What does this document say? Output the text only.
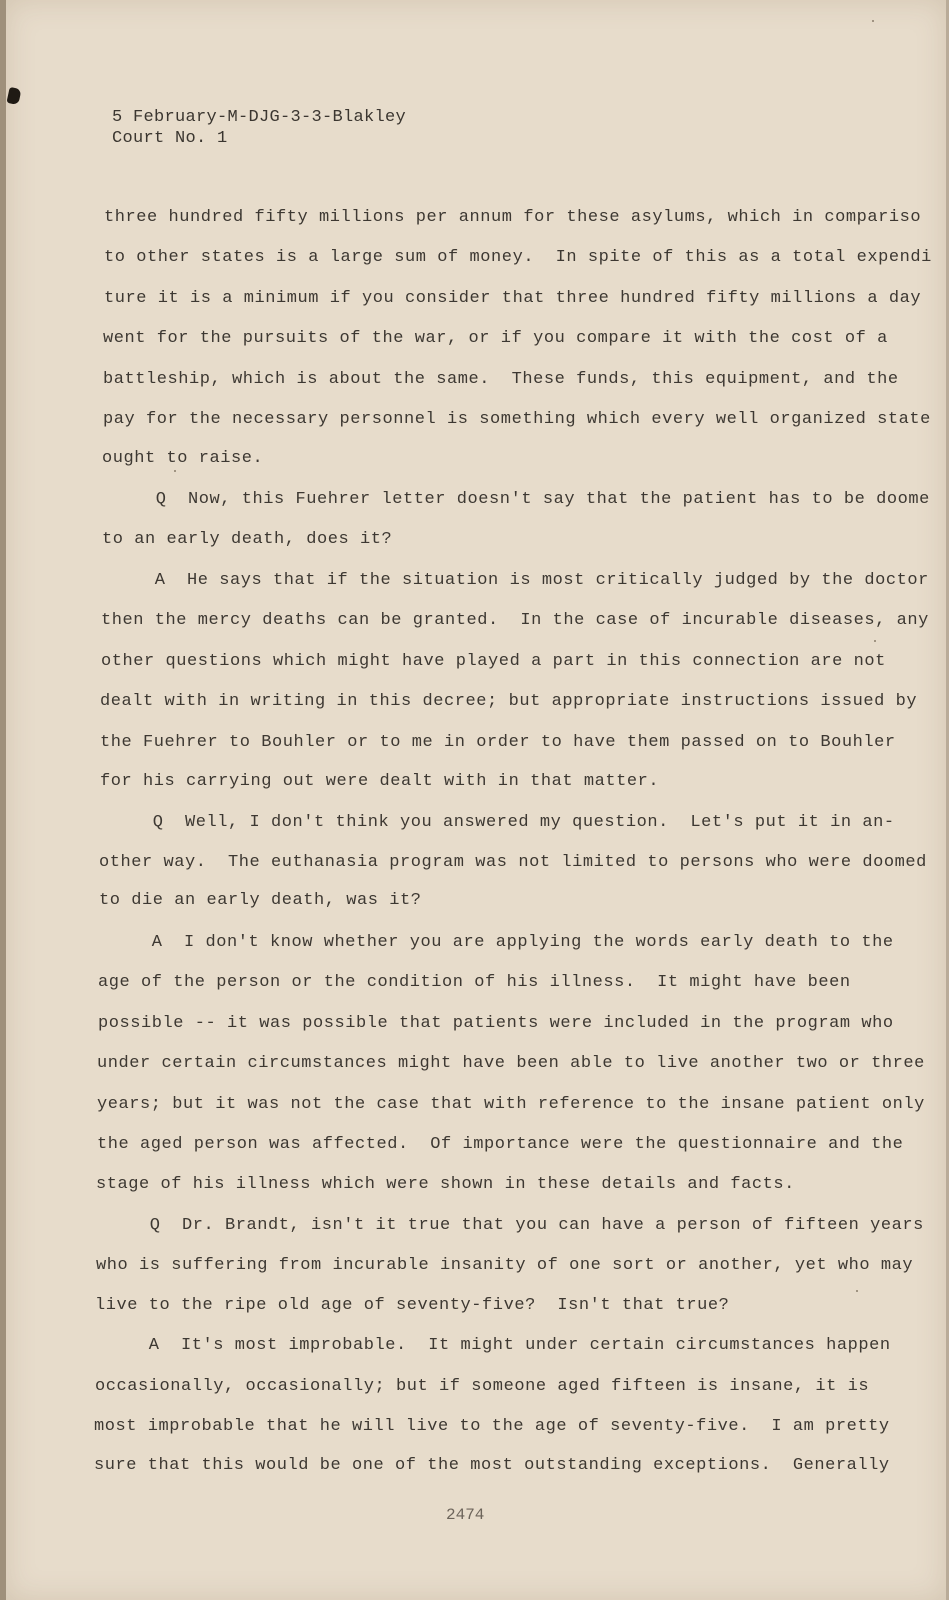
5 February-M-DJG-3-3-Blakley
Court No. 1
three hundred fifty millions per annum for these asylums, which in compariso
to other states is a large sum of money.  In spite of this as a total expendi
ture it is a minimum if you consider that three hundred fifty millions a day
went for the pursuits of the war, or if you compare it with the cost of a
battleship, which is about the same.  These funds, this equipment, and the
pay for the necessary personnel is something which every well organized state
ought to raise.
Q  Now, this Fuehrer letter doesn't say that the patient has to be doome
to an early death, does it?
A  He says that if the situation is most critically judged by the doctor
then the mercy deaths can be granted.  In the case of incurable diseases, any
other questions which might have played a part in this connection are not
dealt with in writing in this decree; but appropriate instructions issued by
the Fuehrer to Bouhler or to me in order to have them passed on to Bouhler
for his carrying out were dealt with in that matter.
Q  Well, I don't think you answered my question.  Let's put it in an-
other way.  The euthanasia program was not limited to persons who were doomed
to die an early death, was it?
A  I don't know whether you are applying the words early death to the
age of the person or the condition of his illness.  It might have been
possible -- it was possible that patients were included in the program who
under certain circumstances might have been able to live another two or three
years; but it was not the case that with reference to the insane patient only
the aged person was affected.  Of importance were the questionnaire and the
stage of his illness which were shown in these details and facts.
Q  Dr. Brandt, isn't it true that you can have a person of fifteen years
who is suffering from incurable insanity of one sort or another, yet who may
live to the ripe old age of seventy-five?  Isn't that true?
A  It's most improbable.  It might under certain circumstances happen
occasionally, occasionally; but if someone aged fifteen is insane, it is
most improbable that he will live to the age of seventy-five.  I am pretty
sure that this would be one of the most outstanding exceptions.  Generally
2474
